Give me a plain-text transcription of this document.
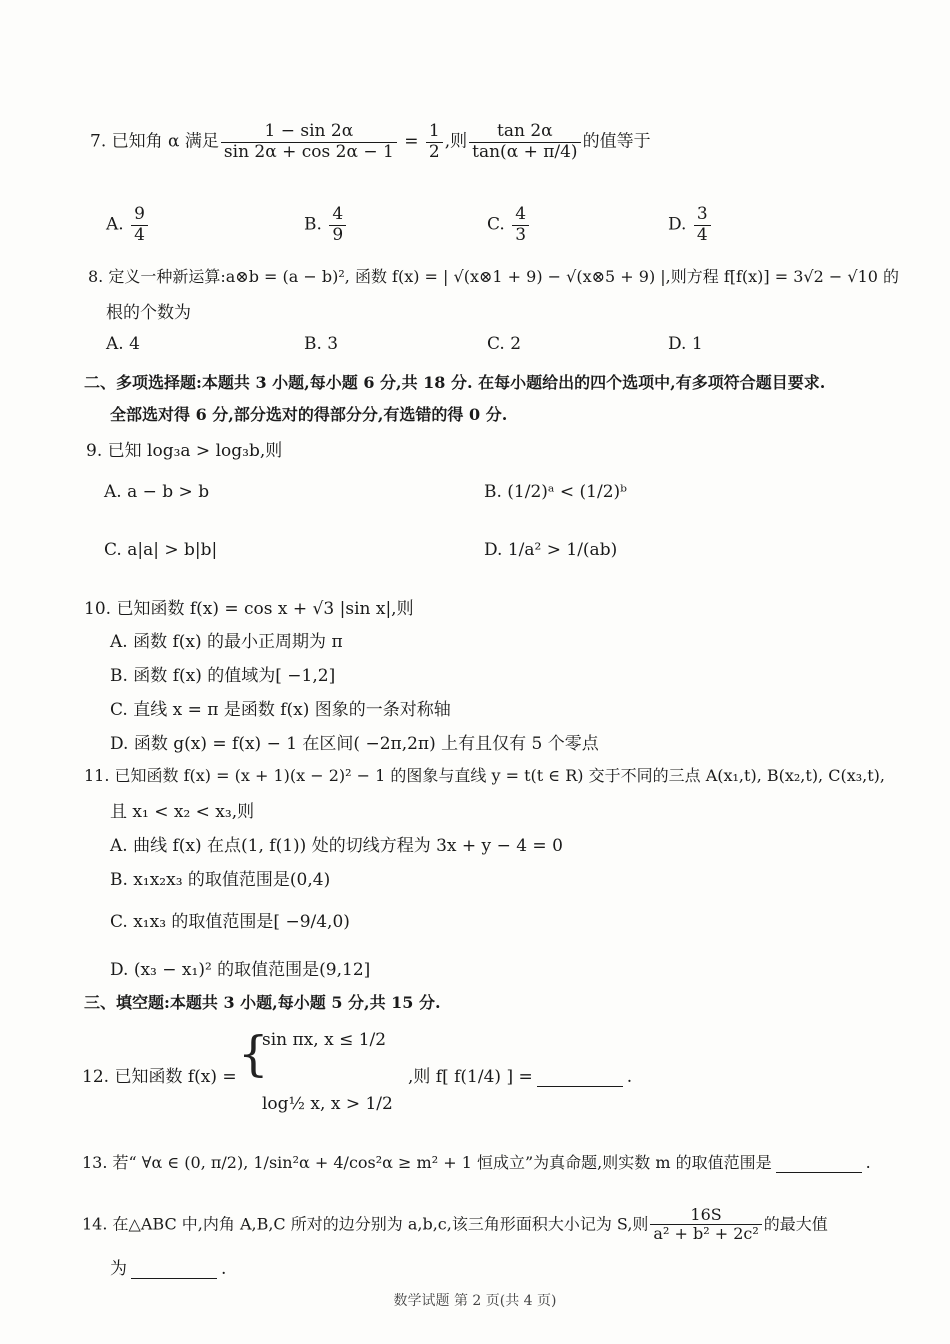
7. 已知角 α 满足 $\frac{1 - \sin 2\alpha}{\sin 2\alpha + \cos 2\alpha - 1} = \frac{1}{2}$ ,则 $\frac{\tan 2\alpha}{\tan(\alpha + \pi/4)}$ 的值等于
A. $\frac{9}{4}$	B. $\frac{4}{9}$	C. $\frac{4}{3}$	D. $\frac{3}{4}$
8. 定义一种新运算:a⊗b = (a − b)², 函数 f(x) = | √(x⊗1 + 9) − √(x⊗5 + 9) |,则方程 f[f(x)] = 3√2 − √10 的
根的个数为
A. 4	B. 3	C. 2	D. 1
二、多项选择题:本题共 3 小题,每小题 6 分,共 18 分. 在每小题给出的四个选项中,有多项符合题目要求.
全部选对得 6 分,部分选对的得部分分,有选错的得 0 分.
9. 已知 log₃a > log₃b,则
A. a − b > b	B. (1/2)ᵃ < (1/2)ᵇ
C. a|a| > b|b|	D. 1/a² > 1/(ab)
10. 已知函数 f(x) = cos x + √3 |sin x|,则
A. 函数 f(x) 的最小正周期为 π
B. 函数 f(x) 的值域为[ −1,2]
C. 直线 x = π 是函数 f(x) 图象的一条对称轴
D. 函数 g(x) = f(x) − 1 在区间( −2π,2π) 上有且仅有 5 个零点
11. 已知函数 f(x) = (x + 1)(x − 2)² − 1 的图象与直线 y = t(t ∈ R) 交于不同的三点 A(x₁,t), B(x₂,t), C(x₃,t),
且 x₁ < x₂ < x₃,则
A. 曲线 f(x) 在点(1, f(1)) 处的切线方程为 3x + y − 4 = 0
B. x₁x₂x₃ 的取值范围是(0,4)
C. x₁x₃ 的取值范围是[ −9/4,0)
D. (x₃ − x₁)² 的取值范围是(9,12]
三、填空题:本题共 3 小题,每小题 5 分,共 15 分.
12. 已知函数 f(x) = {
sin πx, x ≤ 1/2
log½ x, x > 1/2
,则 f[ f(1/4) ] =	.
13. 若“ ∀α ∈ (0, π/2), 1/sin²α + 4/cos²α ≥ m² + 1 恒成立”为真命题,则实数 m 的取值范围是	.
14. 在△ABC 中,内角 A,B,C 所对的边分别为 a,b,c,该三角形面积大小记为 S,则 $\frac{16S}{\text{a² + b² + 2c²}}$ 的最大值
为	.
数学试题 第 2 页(共 4 页)
